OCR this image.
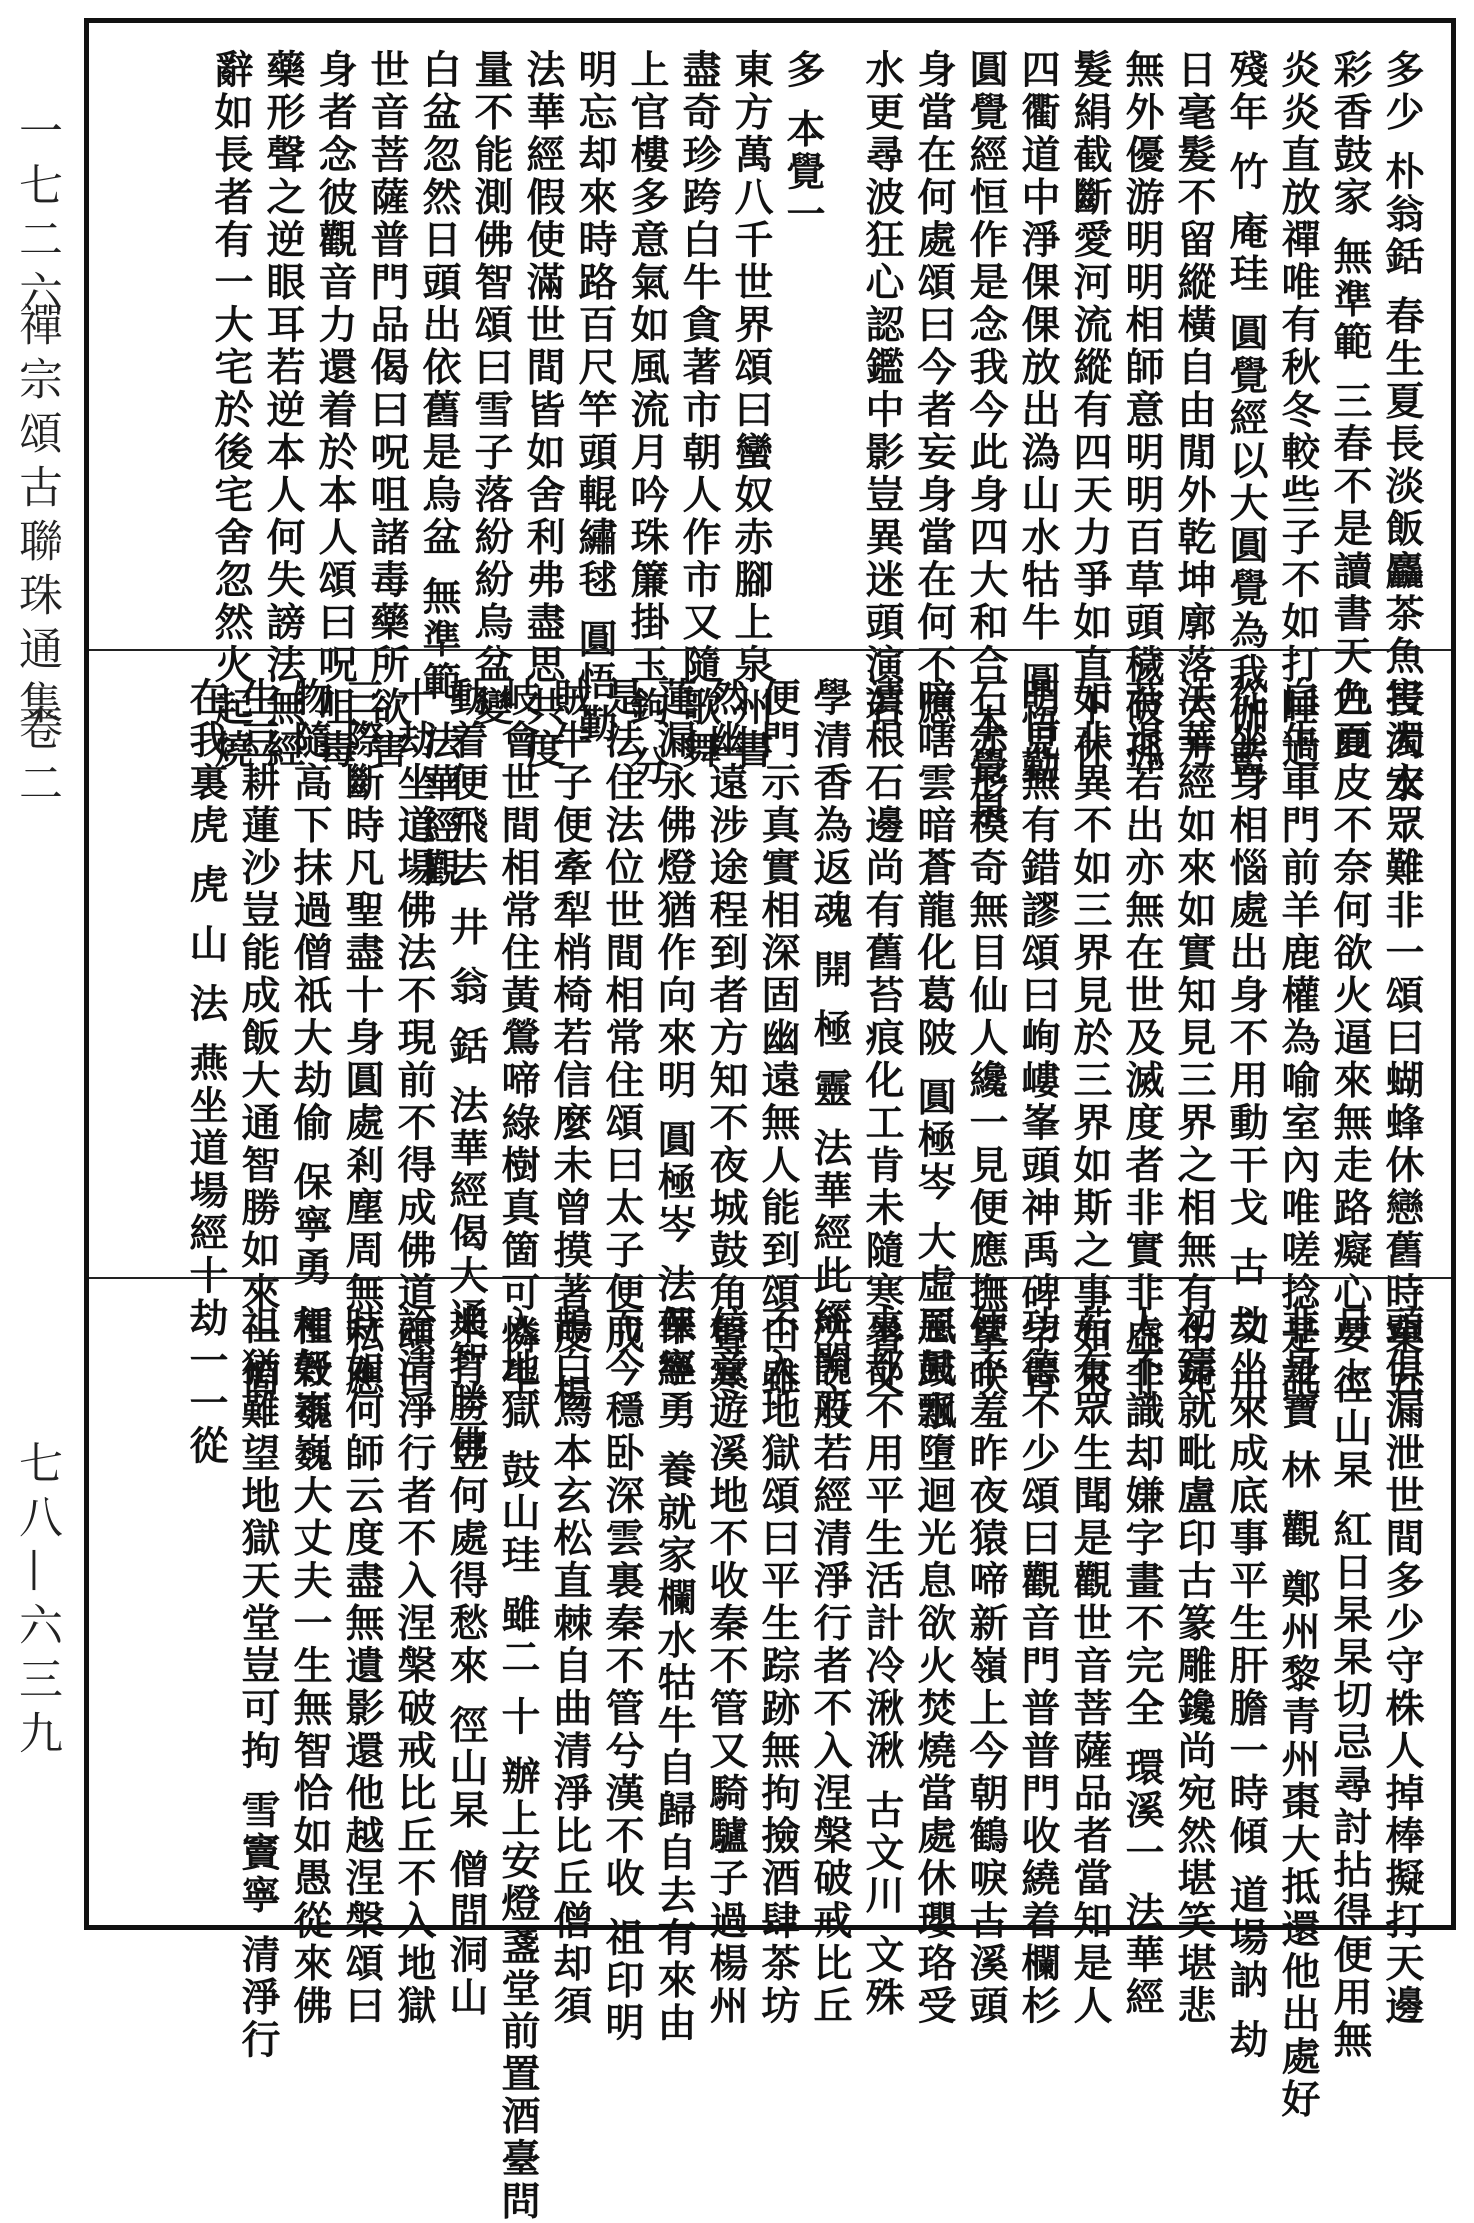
一七二六
禪宗頌古聯珠通集
卷二
七八—六三九
多少 朴翁銛 春生夏長淡飯麤茶魚投濁水
彩香鼓家 無準範 三春不是讀書天九夏
炎炎直放禪唯有秋冬較些子不如打睡過
殘年 竹 庵珪 圓覺經以大圓覺為我伽藍
日毫髮不留縱橫自由閒外乾坤廓落大方
無外優游明明相師意明明百草頭穢破孤
髮絹截斷愛河流縱有四天力爭如直下休
四衢道中淨倮倮放出溈山水牯牛 圓悟勤
圓覺經恒作是念我今此身四大和合 本覺泉
身當在何處頌曰今者妄身當在何不應
水更尋波狂心認鑑中影豈異迷頭演若
多 本覺一
東方萬八千世界頌曰蠻奴赤腳上泉州書
盡奇珍跨白牛貪著市朝人作市又隨歌舞
上官樓多意氣如風流月吟珠簾掛玉鉤 分
明忘却來時路百尺竿頭輥繡毬 圓悟勤
法華經假使滿世間皆如舍利弗盡思共度
量不能測佛智頌曰雪子落紛紛烏盆變
白盆忽然日頭出依舊是烏盆 無準範 法華經觀
世音菩薩普門品偈曰呪咀諸毒藥所欲害
身者念彼觀音力還着於本人頌曰呪咀毒
藥形聲之逆眼耳若逆本人何失謗法無經
辭如長者有一大宅於後宅舍忽然火起燒
害大安眾難非一頌曰蝴蜂休戀舊時窠五
色面皮不奈何欲火逼來無走路癡心要上
白牛車門前羊鹿權為喻室內唯嗟捻是訛
從坐身相惱處出身不用動干戈 古 文 川
法華經如來如實知見三界之相無有生死
若退若出亦無在世及滅度者非實非虛非
如非異不如三界見於三界如斯之事如來
明見無有錯謬頌曰峋嶁峯頭神禹碑字青
石赤形模奇無目仙人纔一見便應撫掌咲
喑嗐雲暗蒼龍化葛陂 圓極岑 大虛風鼓水
漬根石邊尚有舊苔痕化工肯未隨寒暑又
學清香為返魂 開 極 靈 法華經此經開方
便門示真實相深固幽遠無人能到頌曰雖
然幽遠涉途程到者方知不夜城鼓角聲寒
蓮漏永佛燈猶作向來明 圓極岑 法華經
是法住法位世間相常住頌曰太子便成
賊牛子便牽犁梢椅若信麼未曾摸著皮 楊
岐會世間相常住黃鶯啼綠樹真箇可憐生
動着便飛去 井 翁 銛 法華經偈大通智勝佛
十劫坐道場佛法不現前不得成佛道頌曰
三際斷時凡聖盡十身圓處剎塵周無私應
物隨高下抹過僧祇大劫偷 保寧勇 種穀不
生豆耕蓮沙豈能成飯大通智勝如來一箇
在我裏虎 虎 山 法 燕坐道場經十劫一一從
頭俱漏泄世間多少守株人掉棒擬打天邊
月 徑山杲 紅日杲杲切忌尋討拈得便用無
非是寶 林 觀 鄭州黎青州棗大抵還他出處好
劫坐來成底事平生肝膽一時傾 道場訥 劫
初鑄就毗盧印古篆雕鑱尚宛然堪笑堪悲
人不識却嫌字畫不完全 環溪一 法華經
若有眾生聞是觀世音菩薩品者當知是人
功德不少頌曰觀音門普普門收繞着欄杉
便不羞昨夜猿啼新嶺上今朝鶴唳古溪頭
惡風飄墮迴光息欲火焚燒當處休瓔珞受
來都不用平生活計冷湫湫 古文川 文殊
所說般若經清淨行者不入涅槃破戒比丘
不入地獄頌曰平生踪跡無拘撿酒肆茶坊
信意遊溪地不收秦不管又騎驢子過楊州
保寧勇 養就家欄水牯牛自歸自去有來由
而今穩卧深雲裏秦不管兮漢不收 祖印明
鵲白烏本玄松直棘自曲清淨比丘僧却須
入地獄 鼓山珪 雖二 十 辦上安燈盞堂前置酒臺問
米打三昱何處得愁來 徑山杲 僧問洞山
詮清淨行者不入涅槃破戒比丘不入地獄
時如何師云度盡無遺影還他越涅槃頌曰
相好巍巍大丈夫一生無智恰如愚從來佛
祖猶難望地獄天堂豈可拘 雪竇寧 清淨行
